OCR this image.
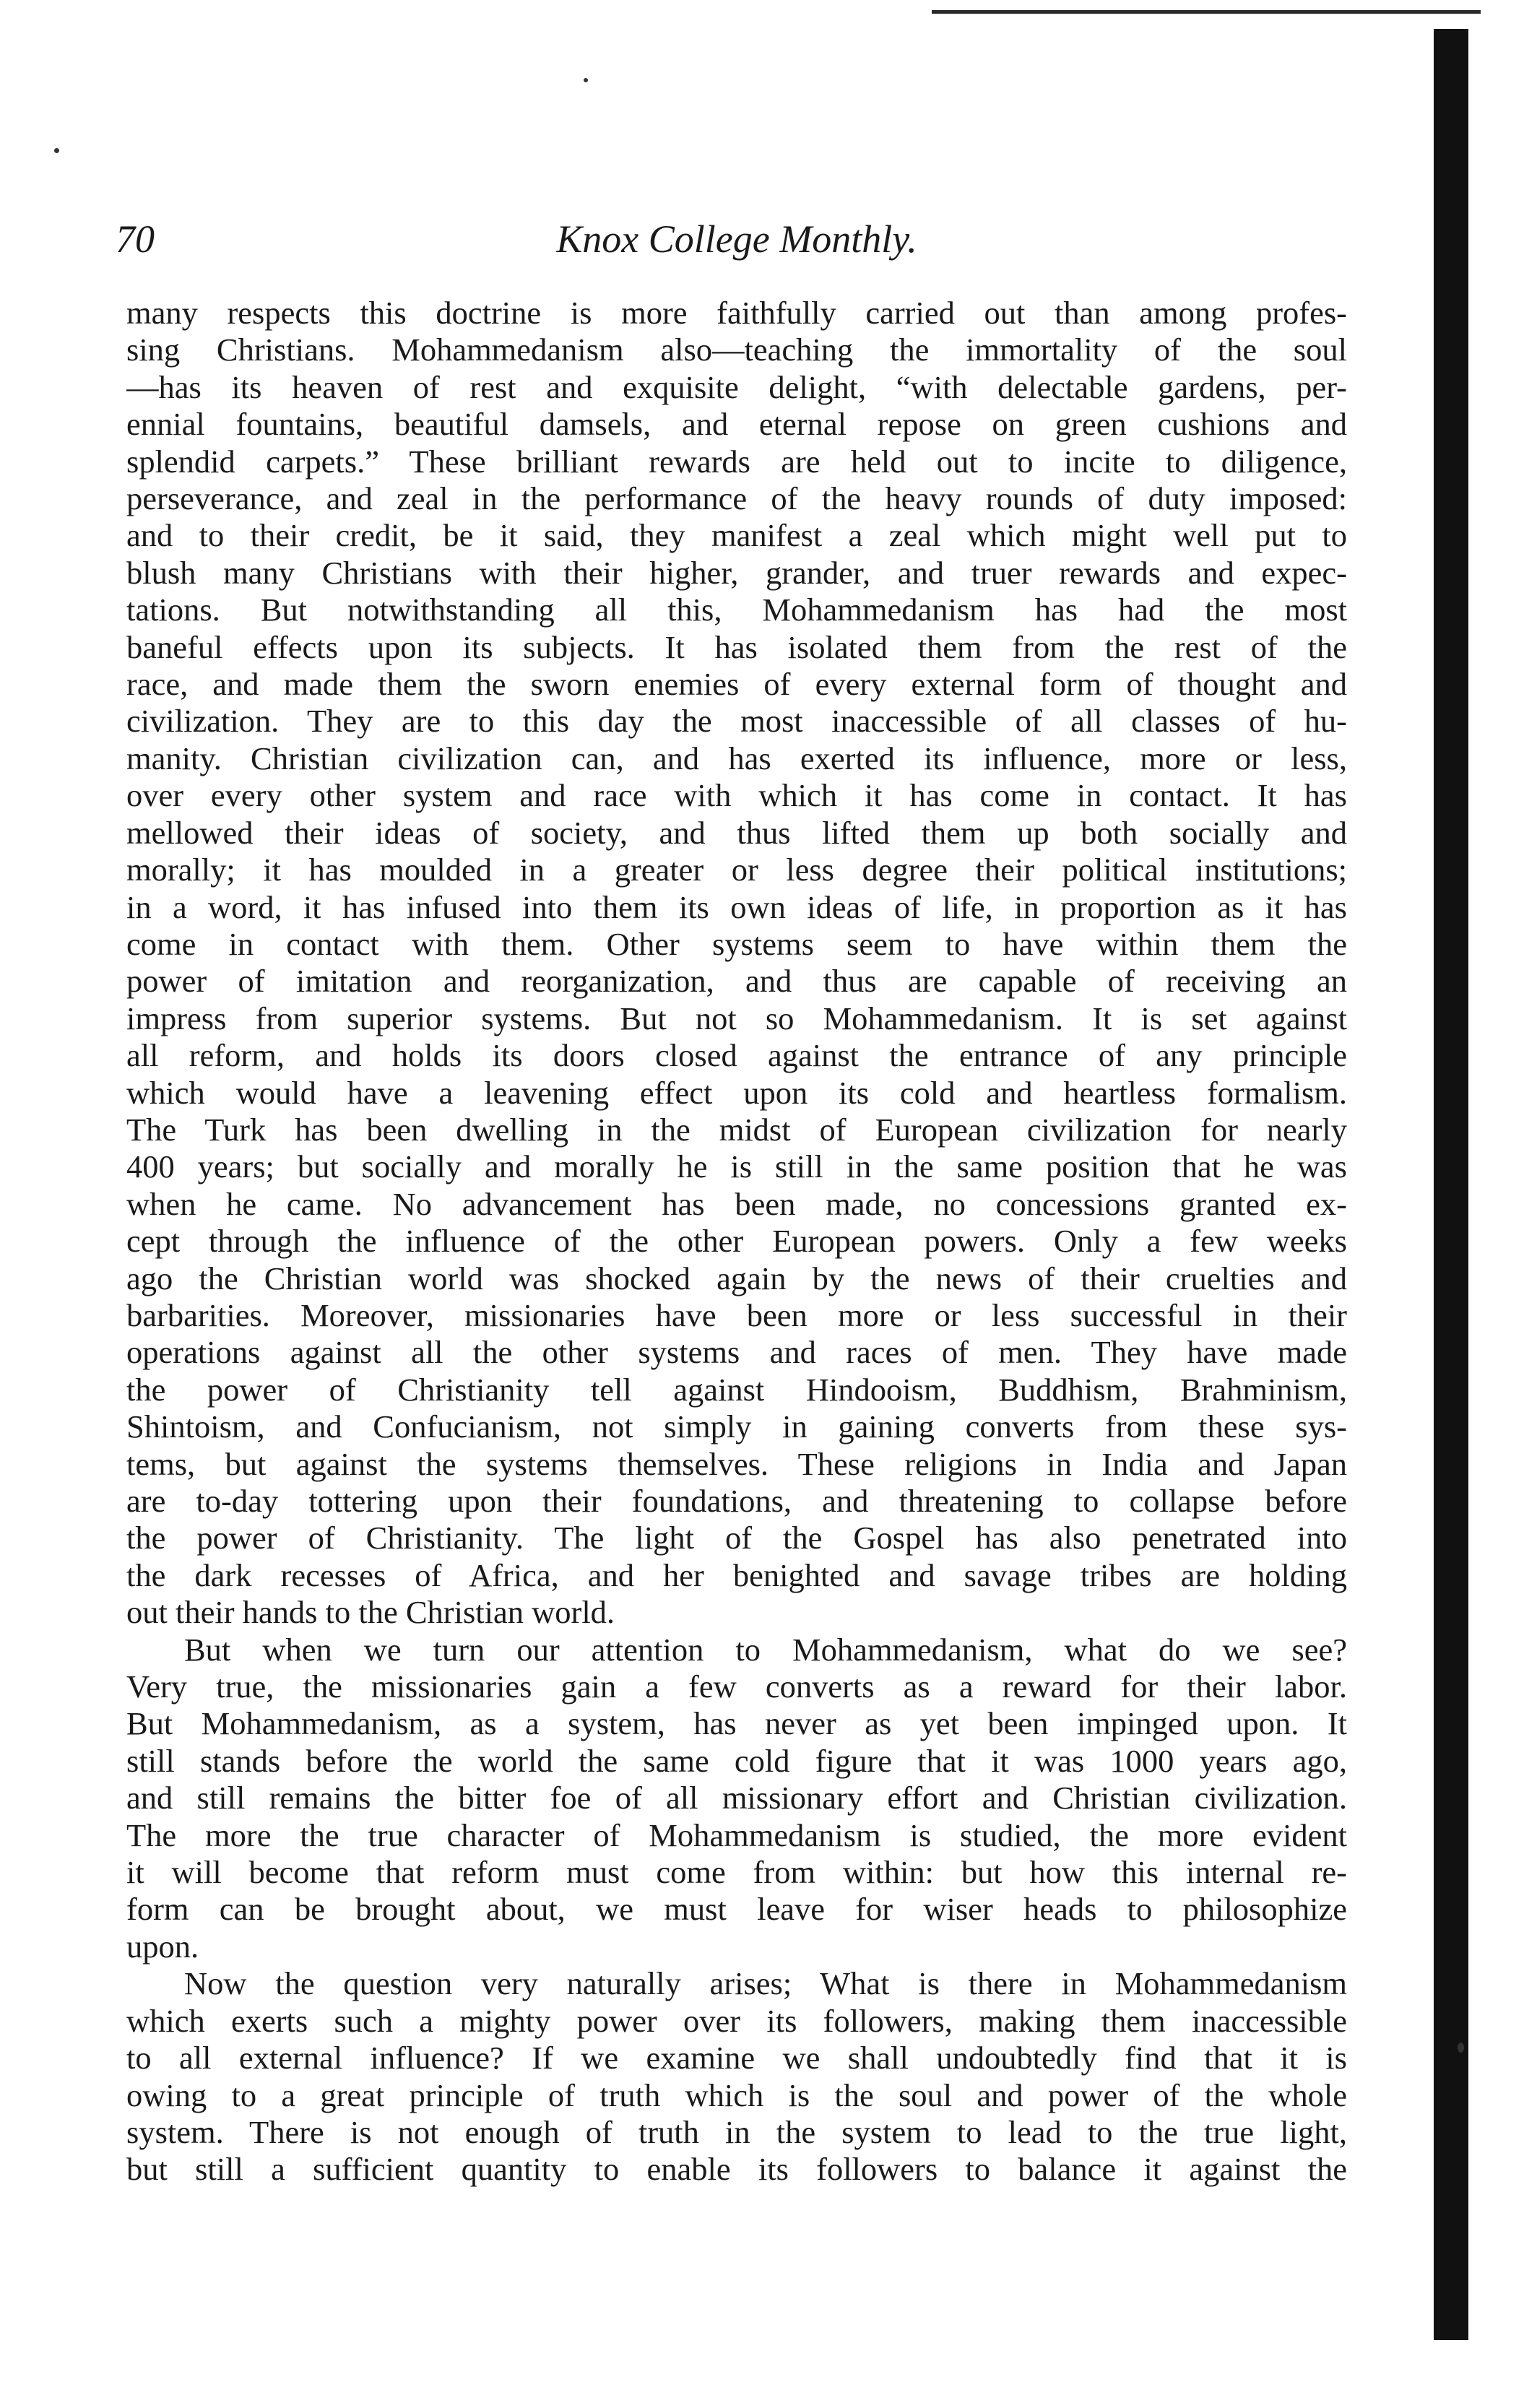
70	Knox College Monthly.
many respects this doctrine is more faithfully carried out than among profes-
sing Christians. Mohammedanism also—teaching the immortality of the soul
—has its heaven of rest and exquisite delight, “with delectable gardens, per-
ennial fountains, beautiful damsels, and eternal repose on green cushions and
splendid carpets.” These brilliant rewards are held out to incite to diligence,
perseverance, and zeal in the performance of the heavy rounds of duty imposed:
and to their credit, be it said, they manifest a zeal which might well put to
blush many Christians with their higher, grander, and truer rewards and expec-
tations. But notwithstanding all this, Mohammedanism has had the most
baneful effects upon its subjects. It has isolated them from the rest of the
race, and made them the sworn enemies of every external form of thought and
civilization. They are to this day the most inaccessible of all classes of hu-
manity. Christian civilization can, and has exerted its influence, more or less,
over every other system and race with which it has come in contact. It has
mellowed their ideas of society, and thus lifted them up both socially and
morally; it has moulded in a greater or less degree their political institutions;
in a word, it has infused into them its own ideas of life, in proportion as it has
come in contact with them. Other systems seem to have within them the
power of imitation and reorganization, and thus are capable of receiving an
impress from superior systems. But not so Mohammedanism. It is set against
all reform, and holds its doors closed against the entrance of any principle
which would have a leavening effect upon its cold and heartless formalism.
The Turk has been dwelling in the midst of European civilization for nearly
400 years; but socially and morally he is still in the same position that he was
when he came. No advancement has been made, no concessions granted ex-
cept through the influence of the other European powers. Only a few weeks
ago the Christian world was shocked again by the news of their cruelties and
barbarities. Moreover, missionaries have been more or less successful in their
operations against all the other systems and races of men. They have made
the power of Christianity tell against Hindooism, Buddhism, Brahminism,
Shintoism, and Confucianism, not simply in gaining converts from these sys-
tems, but against the systems themselves. These religions in India and Japan
are to-day tottering upon their foundations, and threatening to collapse before
the power of Christianity. The light of the Gospel has also penetrated into
the dark recesses of Africa, and her benighted and savage tribes are holding
out their hands to the Christian world.
But when we turn our attention to Mohammedanism, what do we see?
Very true, the missionaries gain a few converts as a reward for their labor.
But Mohammedanism, as a system, has never as yet been impinged upon. It
still stands before the world the same cold figure that it was 1000 years ago,
and still remains the bitter foe of all missionary effort and Christian civilization.
The more the true character of Mohammedanism is studied, the more evident
it will become that reform must come from within: but how this internal re-
form can be brought about, we must leave for wiser heads to philosophize
upon.
Now the question very naturally arises; What is there in Mohammedanism
which exerts such a mighty power over its followers, making them inaccessible
to all external influence? If we examine we shall undoubtedly find that it is
owing to a great principle of truth which is the soul and power of the whole
system. There is not enough of truth in the system to lead to the true light,
but still a sufficient quantity to enable its followers to balance it against the
